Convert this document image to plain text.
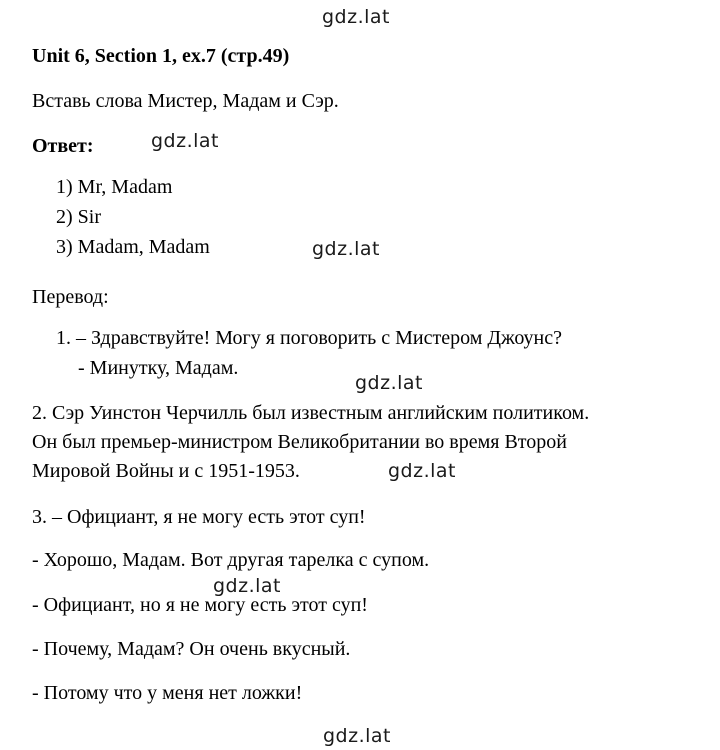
gdz.lat
gdz.lat
gdz.lat
gdz.lat
gdz.lat
gdz.lat
gdz.lat
Unit 6, Section 1, ex.7 (стр.49)
Вставь слова Мистер, Мадам и Сэр.
Ответ:
1) Mr, Madam
2) Sir
3) Madam, Madam
Перевод:
1. – Здравствуйте! Могу я поговорить с Мистером Джоунс?
- Минутку, Мадам.
2. Сэр Уинстон Черчилль был известным английским политиком.
Он был премьер-министром Великобритании во время Второй
Мировой Войны и с 1951-1953.
3. – Официант, я не могу есть этот суп!
- Хорошо, Мадам. Вот другая тарелка с супом.
- Официант, но я не могу есть этот суп!
- Почему, Мадам? Он очень вкусный.
- Потому что у меня нет ложки!
